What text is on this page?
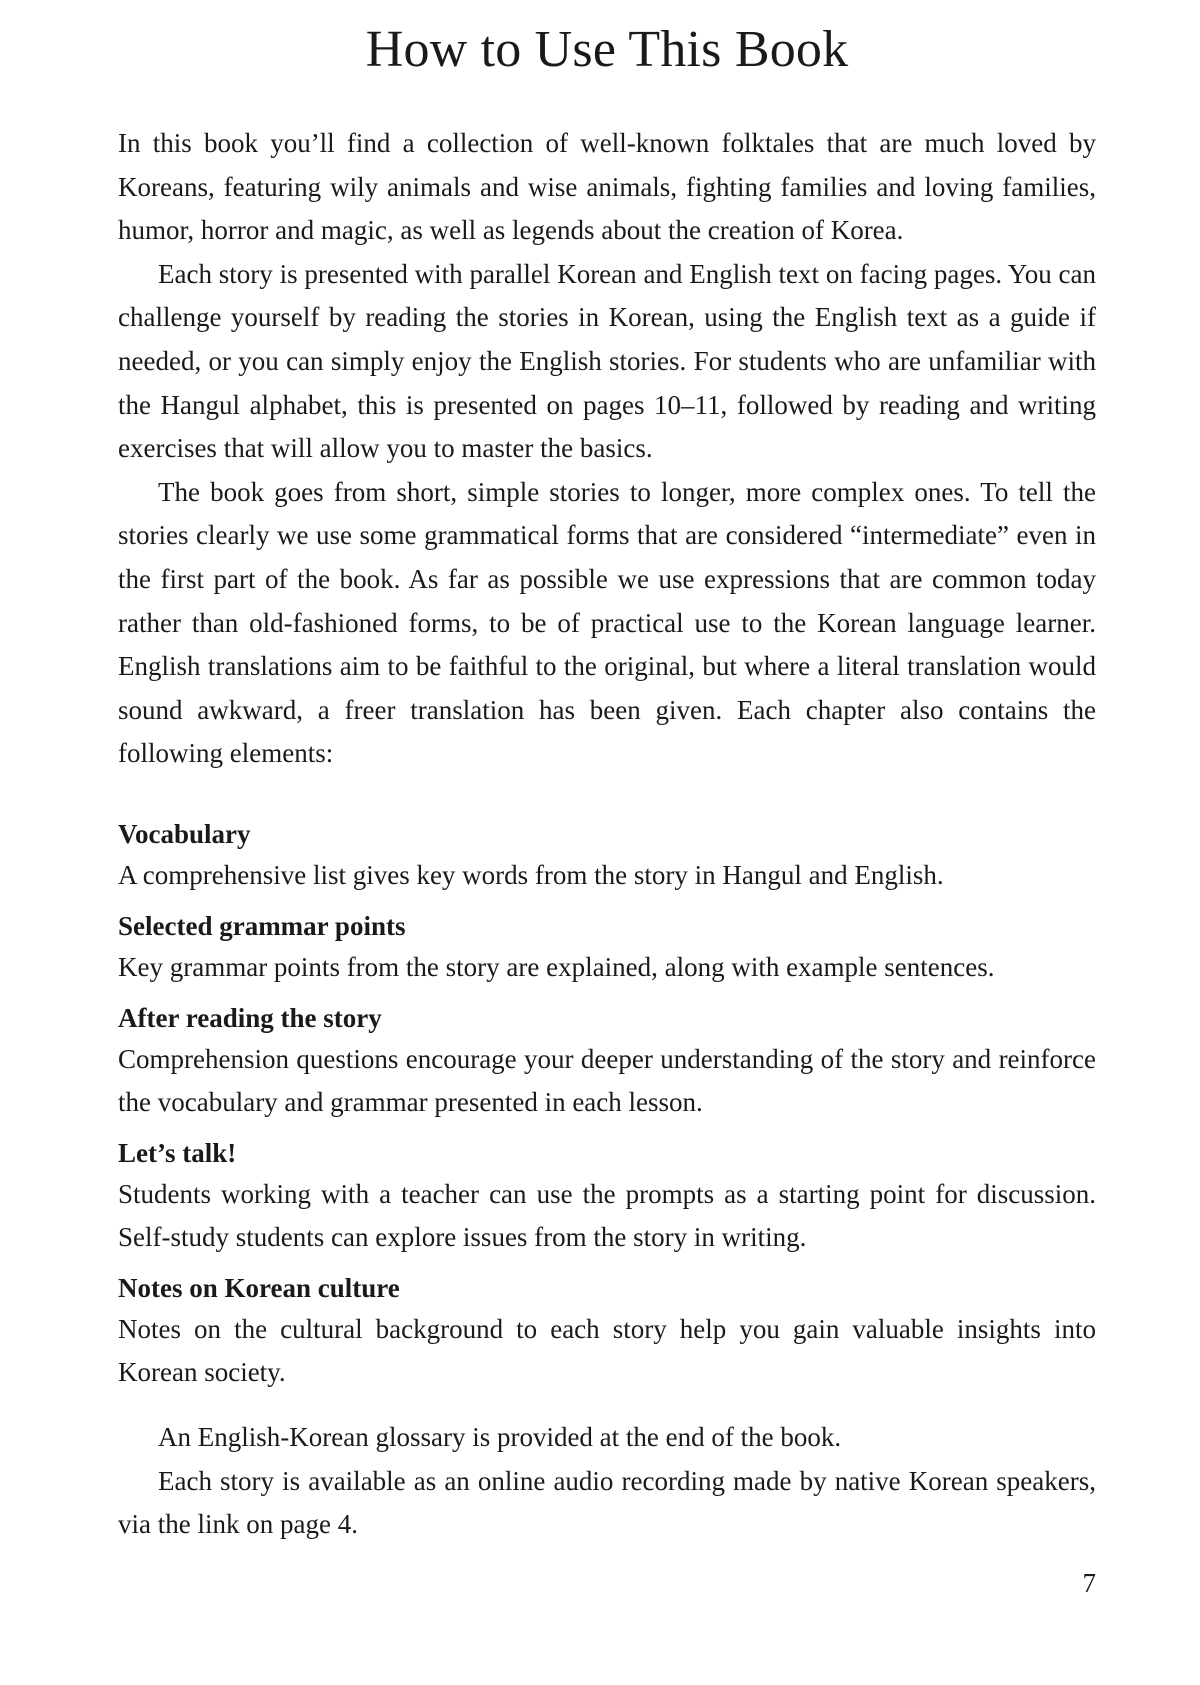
How to Use This Book

In this book you’ll find a collection of well-known folktales that are much loved by Koreans, featuring wily animals and wise animals, fighting families and loving families, humor, horror and magic, as well as legends about the creation of Korea.

Each story is presented with parallel Korean and English text on facing pages. You can challenge yourself by reading the stories in Korean, using the English text as a guide if needed, or you can simply enjoy the English stories. For students who are unfamiliar with the Hangul alphabet, this is presented on pages 10–11, followed by reading and writing exercises that will allow you to master the basics.

The book goes from short, simple stories to longer, more complex ones. To tell the stories clearly we use some grammatical forms that are considered “intermediate” even in the first part of the book. As far as possible we use expressions that are common today rather than old-fashioned forms, to be of practical use to the Korean language learner. English translations aim to be faithful to the original, but where a literal translation would sound awkward, a freer translation has been given. Each chapter also contains the following elements:

Vocabulary

A comprehensive list gives key words from the story in Hangul and English.

Selected grammar points

Key grammar points from the story are explained, along with example sentences.

After reading the story

Comprehension questions encourage your deeper understanding of the story and reinforce the vocabulary and grammar presented in each lesson.

Let’s talk!

Students working with a teacher can use the prompts as a starting point for discussion. Self-study students can explore issues from the story in writing.

Notes on Korean culture

Notes on the cultural background to each story help you gain valuable insights into Korean society.

An English-Korean glossary is provided at the end of the book.

Each story is available as an online audio recording made by native Korean speakers, via the link on page 4.

7
